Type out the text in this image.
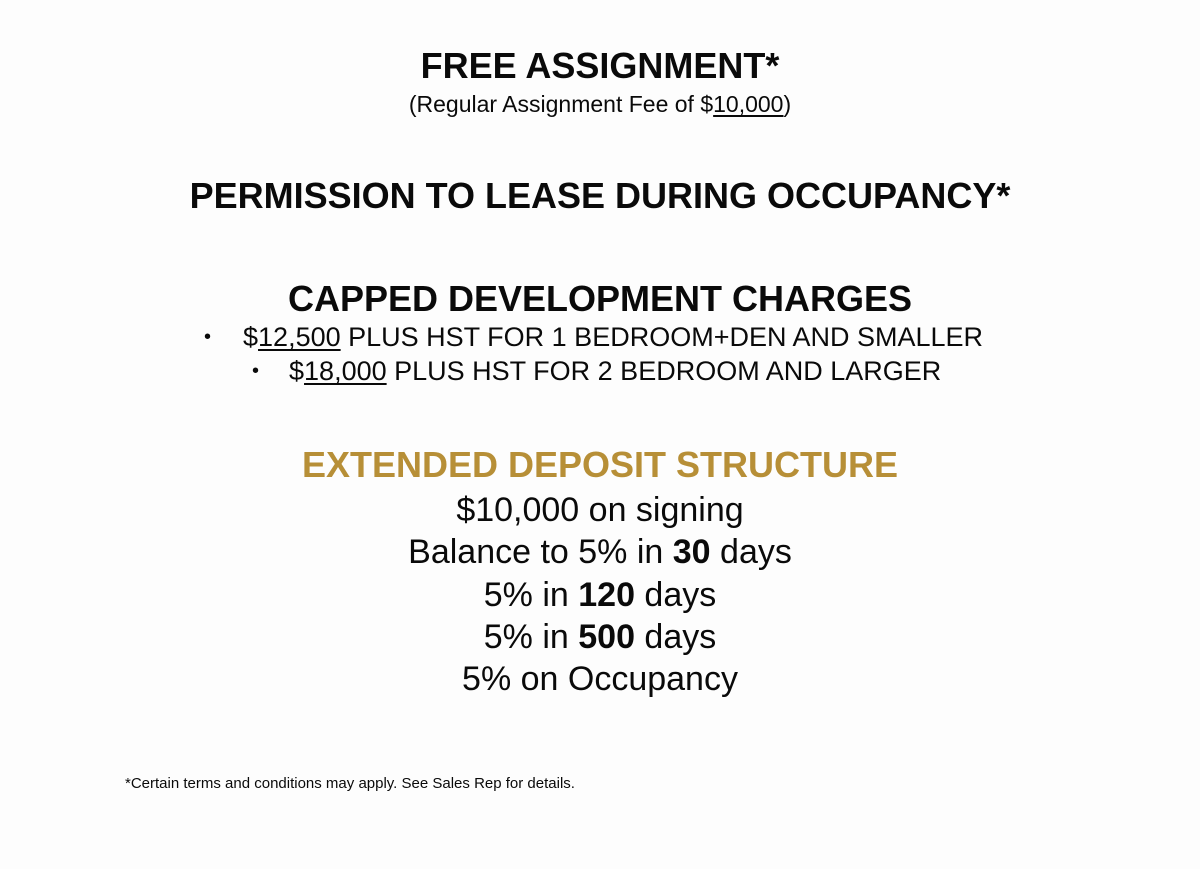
FREE ASSIGNMENT*
(Regular Assignment Fee of $10,000)
PERMISSION TO LEASE DURING OCCUPANCY*
CAPPED DEVELOPMENT CHARGES
• $12,500 PLUS HST FOR 1 BEDROOM+DEN AND SMALLER
• $18,000 PLUS HST FOR 2 BEDROOM AND LARGER
EXTENDED DEPOSIT STRUCTURE
$10,000 on signing
Balance to 5% in 30 days
5% in 120 days
5% in 500 days
5% on Occupancy
*Certain terms and conditions may apply. See Sales Rep for details.
